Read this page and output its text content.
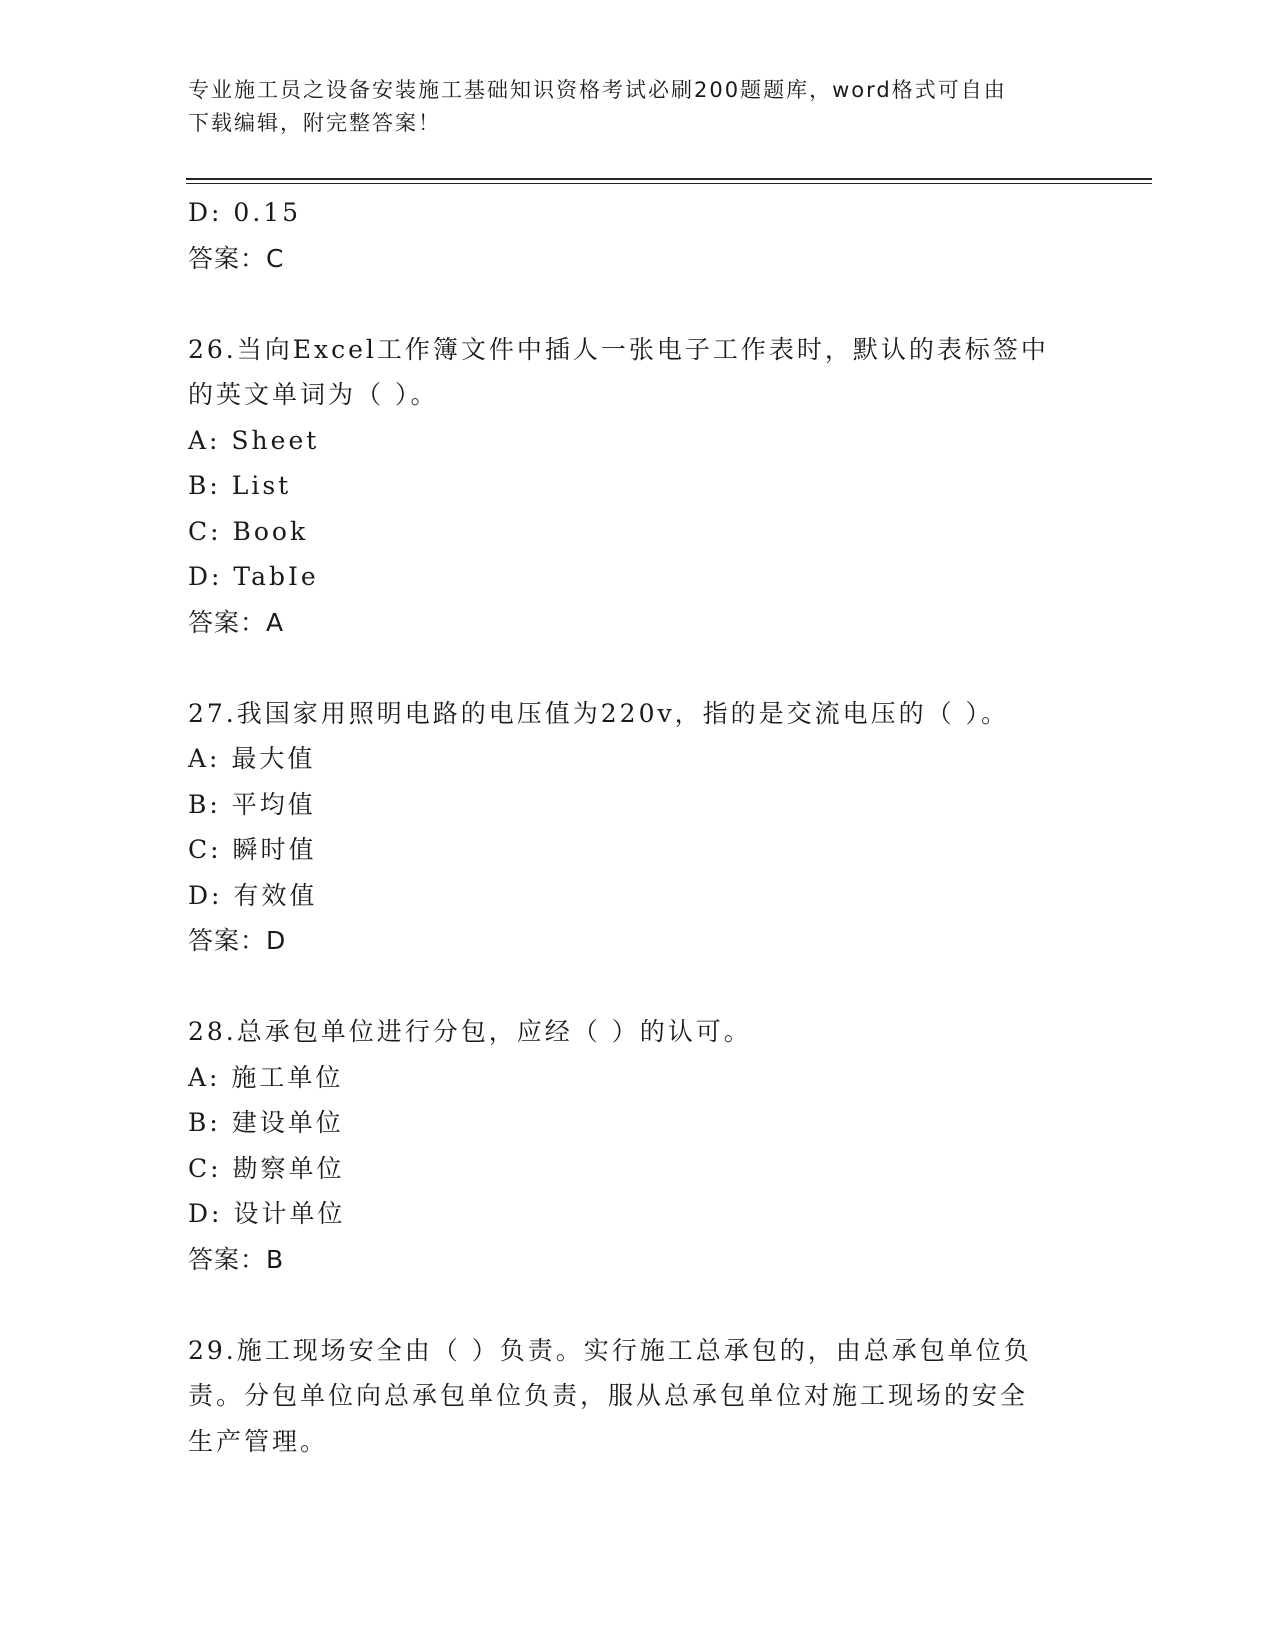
专业施工员之设备安装施工基础知识资格考试必刷200题题库，word格式可自由
下载编辑，附完整答案！
D: 0.15
答案：C
26.当向Excel工作簿文件中插人一张电子工作表时，默认的表标签中
的英文单词为（ ）。
A: Sheet
B: List
C: Book
D: TabIe
答案：A
27.我国家用照明电路的电压值为220v，指的是交流电压的（ ）。
A: 最大值
B: 平均值
C: 瞬时值
D: 有效值
答案：D
28.总承包单位进行分包，应经（ ）的认可。
A: 施工单位
B: 建设单位
C: 勘察单位
D: 设计单位
答案：B
29.施工现场安全由（ ）负责。实行施工总承包的，由总承包单位负
责。分包单位向总承包单位负责，服从总承包单位对施工现场的安全
生产管理。
